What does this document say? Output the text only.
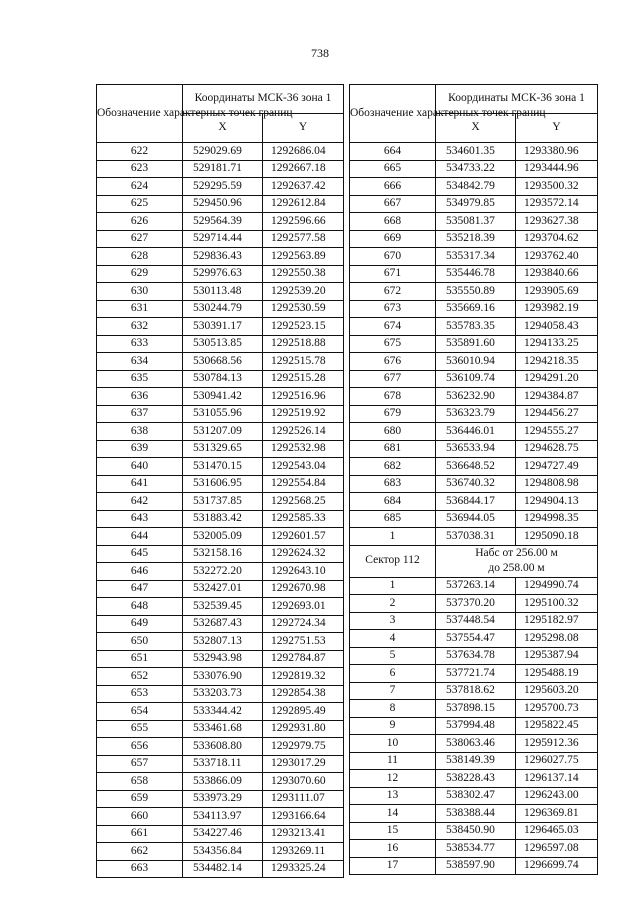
738
Обозначение характерных точек границ	Координаты МСК-36 зона 1	
	X	Y
622	529029.69	1292686.04
623	529181.71	1292667.18
624	529295.59	1292637.42
625	529450.96	1292612.84
626	529564.39	1292596.66
627	529714.44	1292577.58
628	529836.43	1292563.89
629	529976.63	1292550.38
630	530113.48	1292539.20
631	530244.79	1292530.59
632	530391.17	1292523.15
633	530513.85	1292518.88
634	530668.56	1292515.78
635	530784.13	1292515.28
636	530941.42	1292516.96
637	531055.96	1292519.92
638	531207.09	1292526.14
639	531329.65	1292532.98
640	531470.15	1292543.04
641	531606.95	1292554.84
642	531737.85	1292568.25
643	531883.42	1292585.33
644	532005.09	1292601.57
645	532158.16	1292624.32
646	532272.20	1292643.10
647	532427.01	1292670.98
648	532539.45	1292693.01
649	532687.43	1292724.34
650	532807.13	1292751.53
651	532943.98	1292784.87
652	533076.90	1292819.32
653	533203.73	1292854.38
654	533344.42	1292895.49
655	533461.68	1292931.80
656	533608.80	1292979.75
657	533718.11	1293017.29
658	533866.09	1293070.60
659	533973.29	1293111.07
660	534113.97	1293166.64
661	534227.46	1293213.41
662	534356.84	1293269.11
663	534482.14	1293325.24
Обозначение характерных точек границ	Координаты МСК-36 зона 1	
	X	Y
664	534601.35	1293380.96
665	534733.22	1293444.96
666	534842.79	1293500.32
667	534979.85	1293572.14
668	535081.37	1293627.38
669	535218.39	1293704.62
670	535317.34	1293762.40
671	535446.78	1293840.66
672	535550.89	1293905.69
673	535669.16	1293982.19
674	535783.35	1294058.43
675	535891.60	1294133.25
676	536010.94	1294218.35
677	536109.74	1294291.20
678	536232.90	1294384.87
679	536323.79	1294456.27
680	536446.01	1294555.27
681	536533.94	1294628.75
682	536648.52	1294727.49
683	536740.32	1294808.98
684	536844.17	1294904.13
685	536944.05	1294998.35
1	537038.31	1295090.18
Сектор 112	Набс от 256.00 м
до 258.00 м	

1	537263.14	1294990.74
2	537370.20	1295100.32
3	537448.54	1295182.97
4	537554.47	1295298.08
5	537634.78	1295387.94
6	537721.74	1295488.19
7	537818.62	1295603.20
8	537898.15	1295700.73
9	537994.48	1295822.45
10	538063.46	1295912.36
11	538149.39	1296027.75
12	538228.43	1296137.14
13	538302.47	1296243.00
14	538388.44	1296369.81
15	538450.90	1296465.03
16	538534.77	1296597.08
17	538597.90	1296699.74
